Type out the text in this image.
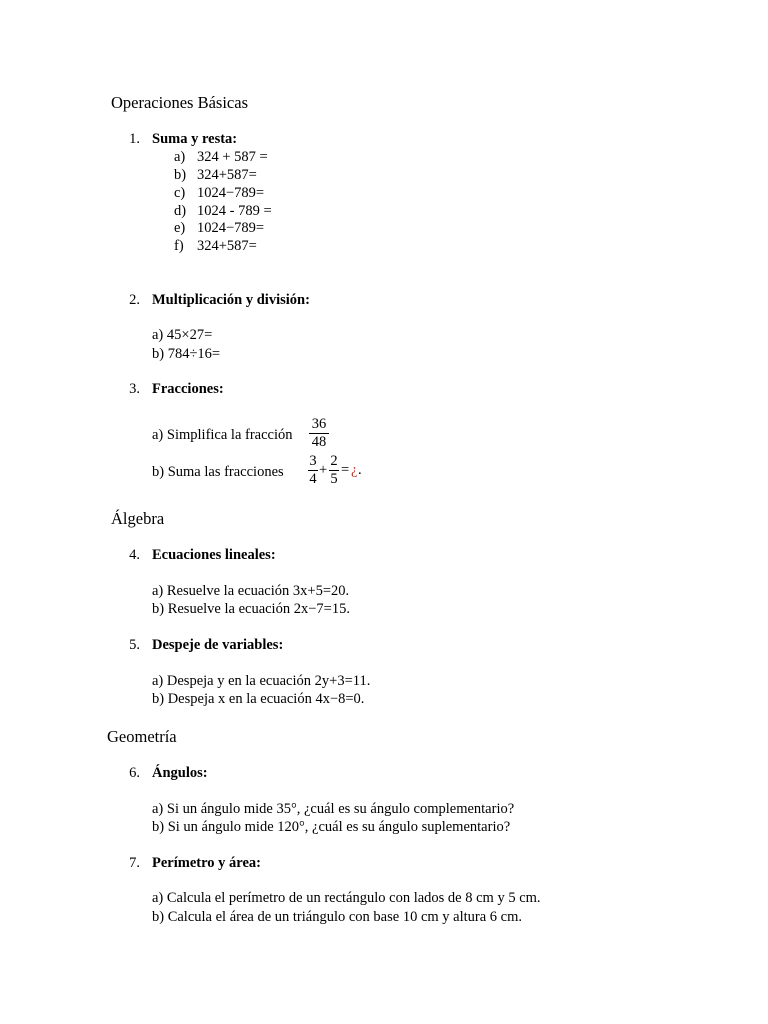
Operaciones Básicas
1. Suma y resta:
a) 324 + 587 =
b) 324+587=
c) 1024−789=
d) 1024 - 789 =
e) 1024−789=
f) 324+587=
2. Multiplicación y división:
a) 45×27=
b) 784÷16=
3. Fracciones:
a) Simplifica la fracción $\frac{36}{48}$
b) Suma las fracciones $\frac{3}{4} + \frac{2}{5}$ = ¿ .
Álgebra
4. Ecuaciones lineales:
a) Resuelve la ecuación 3x+5=20.
b) Resuelve la ecuación 2x−7=15.
5. Despeje de variables:
a) Despeja y en la ecuación 2y+3=11.
b) Despeja x en la ecuación 4x−8=0.
Geometría
6. Ángulos:
a) Si un ángulo mide 35°, ¿cuál es su ángulo complementario?
b) Si un ángulo mide 120°, ¿cuál es su ángulo suplementario?
7. Perímetro y área:
a) Calcula el perímetro de un rectángulo con lados de 8 cm y 5 cm.
b) Calcula el área de un triángulo con base 10 cm y altura 6 cm.
